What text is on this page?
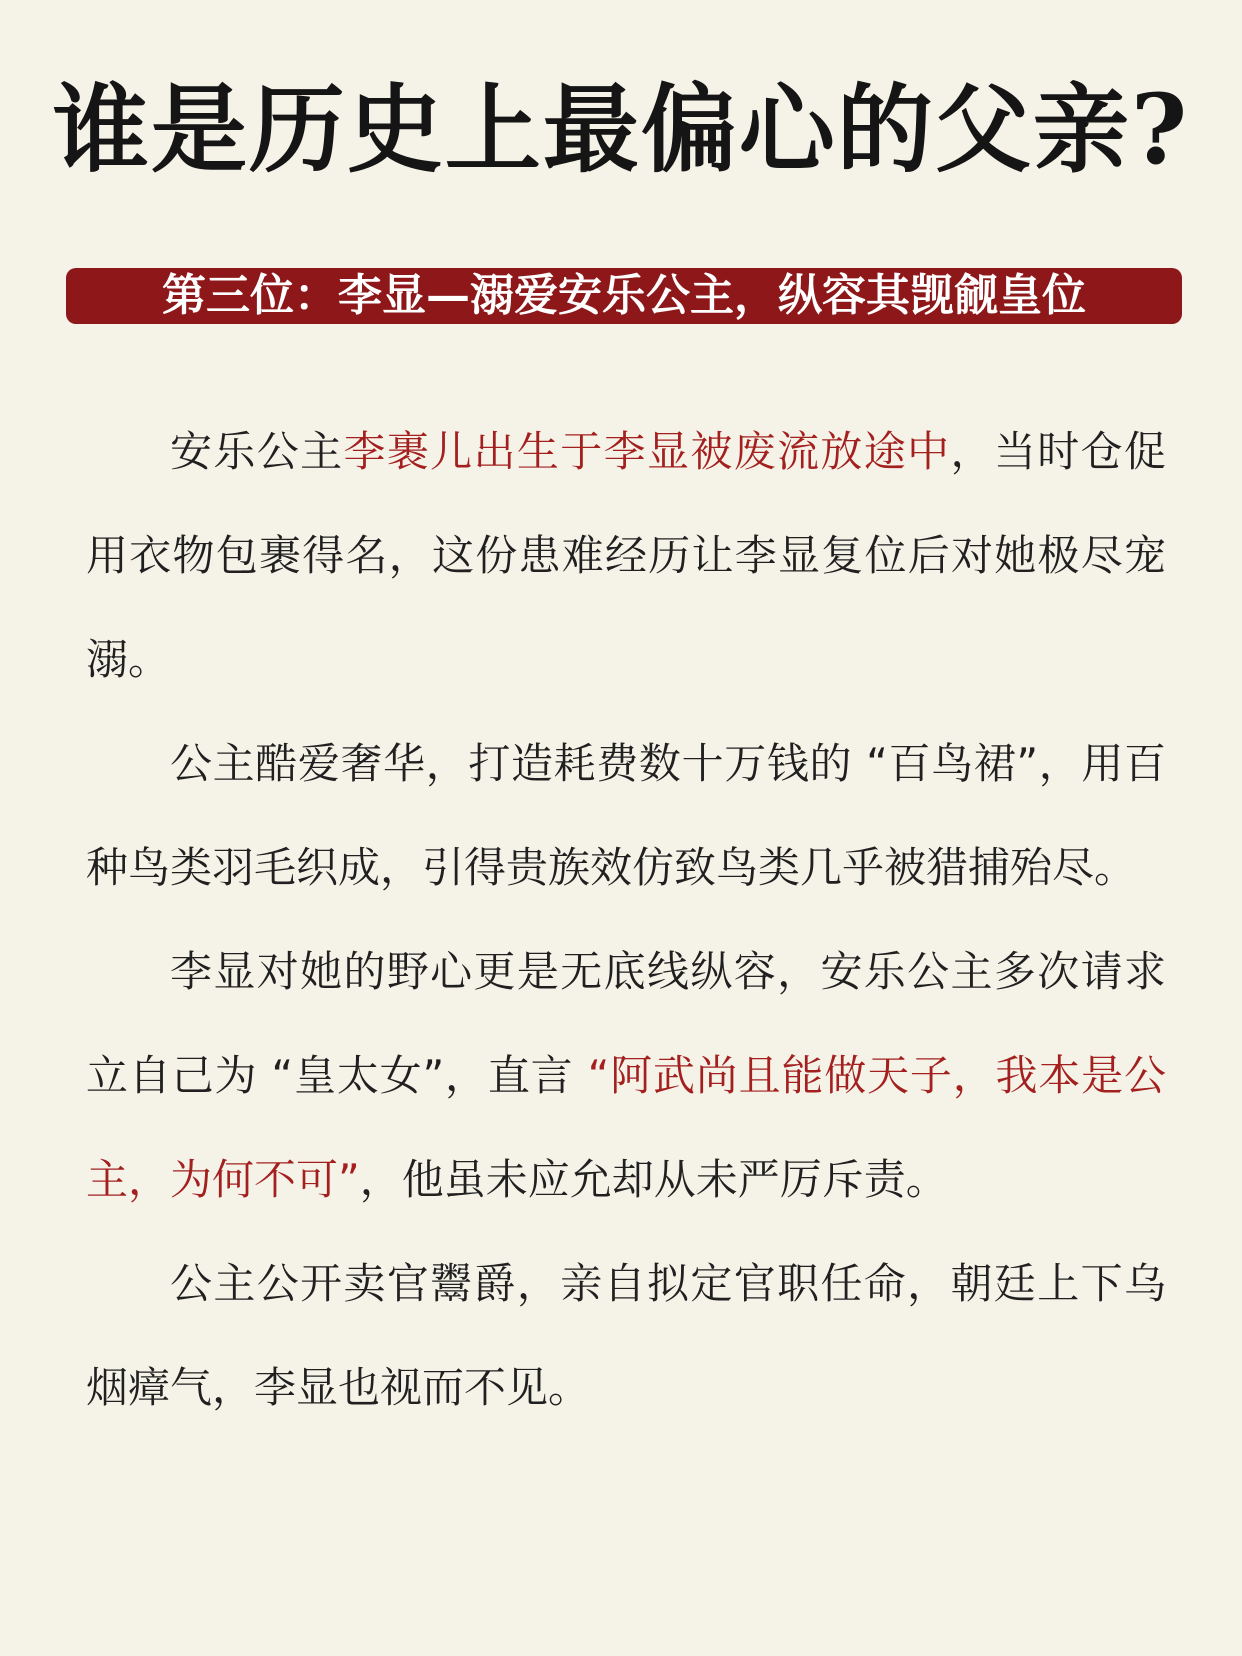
谁是历史上最偏心的父亲?
第三位：李显—溺爱安乐公主，纵容其觊觎皇位

安乐公主李裹儿出生于李显被废流放途中，当时仓促用衣物包裹得名，这份患难经历让李显复位后对她极尽宠溺。

公主酷爱奢华，打造耗费数十万钱的 “百鸟裙”，用百种鸟类羽毛织成，引得贵族效仿致鸟类几乎被猎捕殆尽。

李显对她的野心更是无底线纵容，安乐公主多次请求立自己为 “皇太女”，直言 “阿武尚且能做天子，我本是公主，为何不可”，他虽未应允却从未严厉斥责。

公主公开卖官鬻爵，亲自拟定官职任命，朝廷上下乌烟瘴气，李显也视而不见。
